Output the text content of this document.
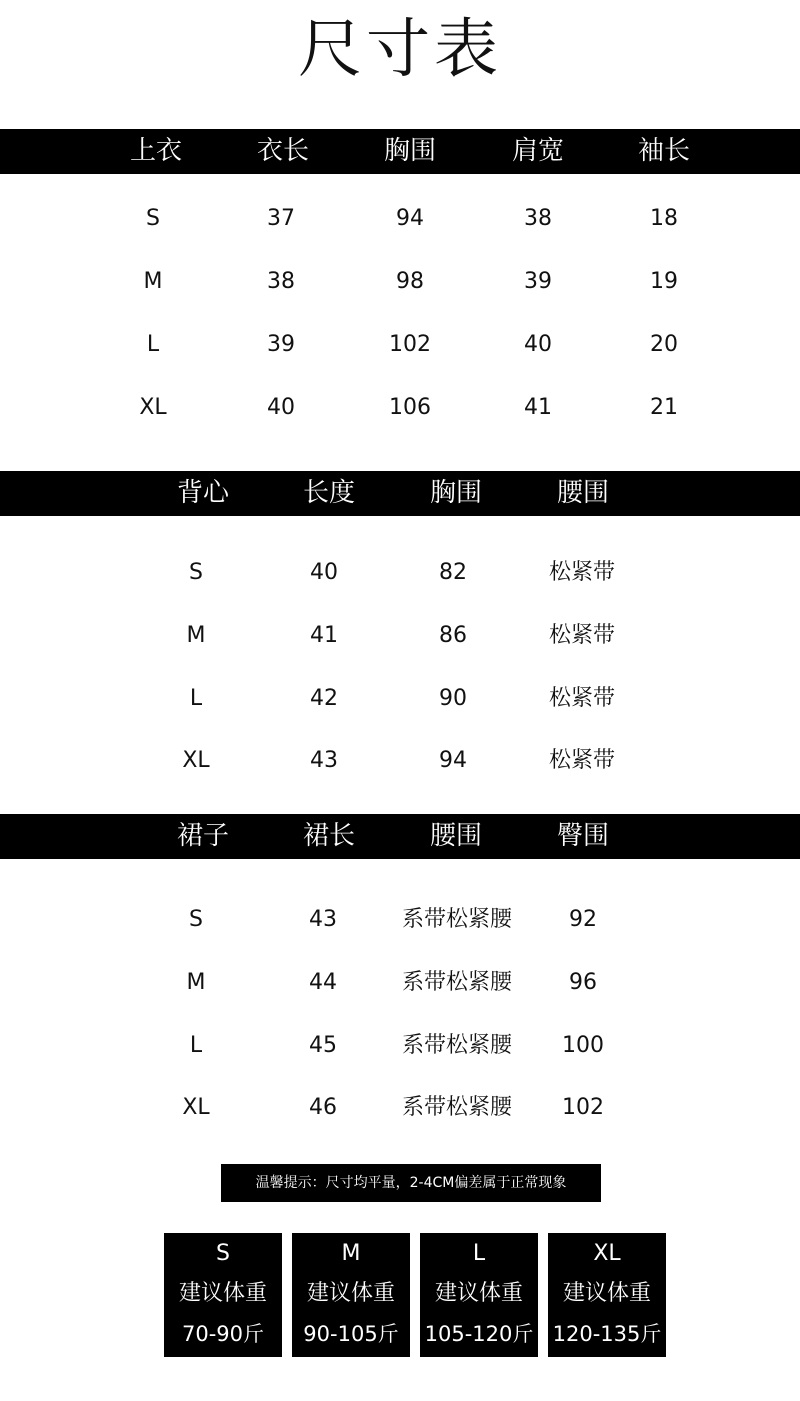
尺寸表
上衣	衣长	胸围	肩宽	袖长
S	37	94	38	18
M	38	98	39	19
L	39	102	40	20
XL	40	106	41	21
背心	长度	胸围	腰围
S	40	82	松紧带
M	41	86	松紧带
L	42	90	松紧带
XL	43	94	松紧带
裙子	裙长	腰围	臀围
S	43	系带松紧腰	92
M	44	系带松紧腰	96
L	45	系带松紧腰	100
XL	46	系带松紧腰	102
温馨提示：尺寸均平量，2-4CM偏差属于正常现象
S
建议体重
70-90斤
M
建议体重
90-105斤
L
建议体重
105-120斤
XL
建议体重
120-135斤
